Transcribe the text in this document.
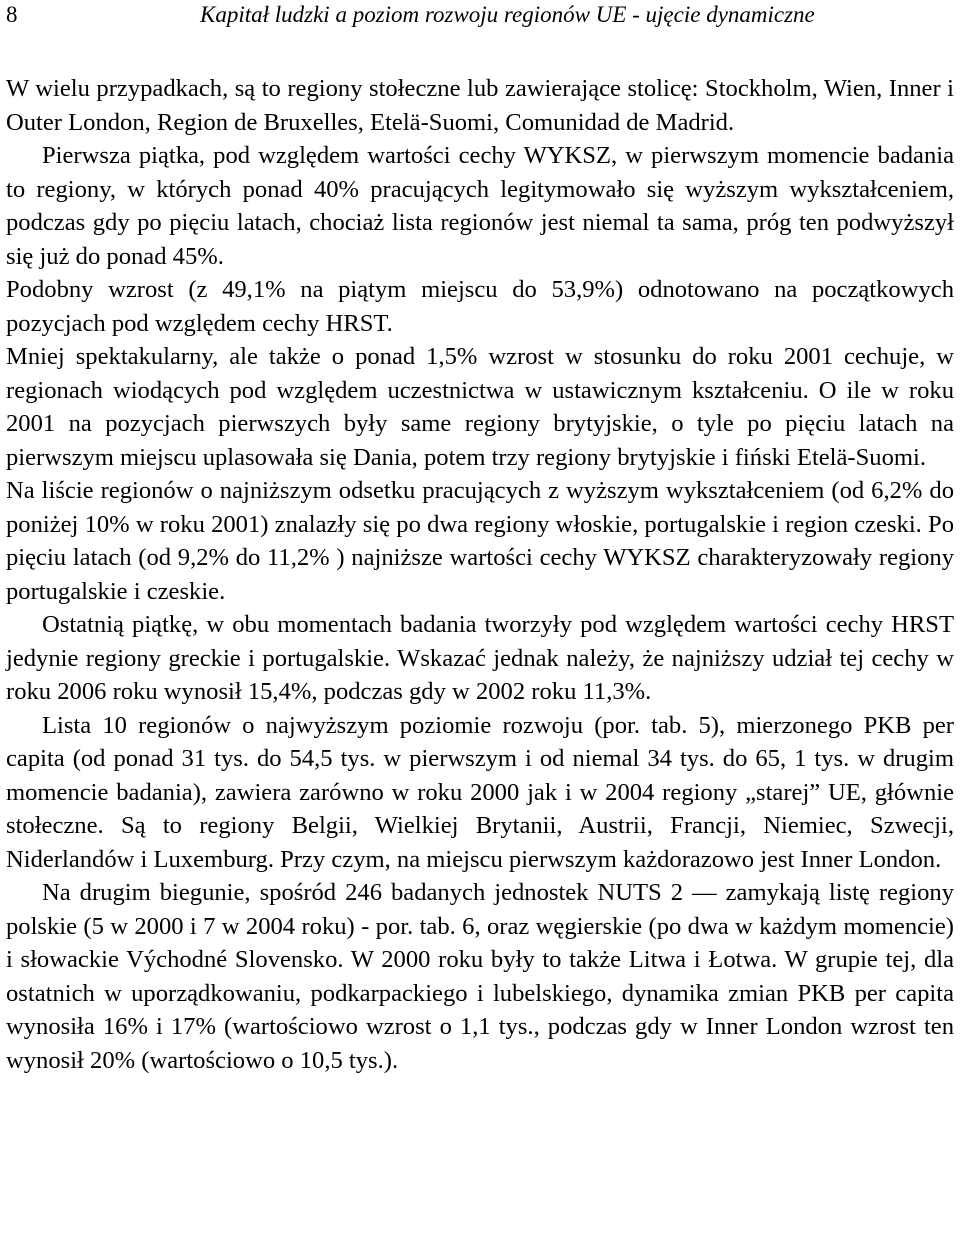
8	Kapitał ludzki a poziom rozwoju regionów UE - ujęcie dynamiczne

W wielu przypadkach, są to regiony stołeczne lub zawierające stolicę: Stockholm, Wien, Inner i Outer London, Region de Bruxelles, Etelä-Suomi, Comunidad de Madrid.

Pierwsza piątka, pod względem wartości cechy WYKSZ, w pierwszym momencie badania to regiony, w których ponad 40% pracujących legitymowało się wyższym wykształceniem, podczas gdy po pięciu latach, chociaż lista regionów jest niemal ta sama, próg ten podwyższył się już do ponad 45%.

Podobny wzrost (z 49,1% na piątym miejscu do 53,9%) odnotowano na początkowych pozycjach pod względem cechy HRST.

Mniej spektakularny, ale także o ponad 1,5% wzrost w stosunku do roku 2001 cechuje, w regionach wiodących pod względem uczestnictwa w ustawicznym kształceniu. O ile w roku 2001 na pozycjach pierwszych były same regiony brytyjskie, o tyle po pięciu latach na pierwszym miejscu uplasowała się Dania, potem trzy regiony brytyjskie i fiński Etelä-Suomi.

Na liście regionów o najniższym odsetku pracujących z wyższym wykształceniem (od 6,2% do poniżej 10% w roku 2001) znalazły się po dwa regiony włoskie, portugalskie i region czeski. Po pięciu latach (od 9,2% do 11,2% ) najniższe wartości cechy WYKSZ charakteryzowały regiony portugalskie i czeskie.

Ostatnią piątkę, w obu momentach badania tworzyły pod względem wartości cechy HRST jedynie regiony greckie i portugalskie. Wskazać jednak należy, że najniższy udział tej cechy w roku 2006 roku wynosił 15,4%, podczas gdy w 2002 roku 11,3%.

Lista 10 regionów o najwyższym poziomie rozwoju (por. tab. 5), mierzonego PKB per capita (od ponad 31 tys. do 54,5 tys. w pierwszym i od niemal 34 tys. do 65, 1 tys. w drugim momencie badania), zawiera zarówno w roku 2000 jak i w 2004 regiony „starej” UE, głównie stołeczne. Są to regiony Belgii, Wielkiej Brytanii, Austrii, Francji, Niemiec, Szwecji, Niderlandów i Luxemburg. Przy czym, na miejscu pierwszym każdorazowo jest Inner London.

Na drugim biegunie, spośród 246 badanych jednostek NUTS 2 — zamykają listę regiony polskie (5 w 2000 i 7 w 2004 roku) - por. tab. 6, oraz węgierskie (po dwa w każdym momencie) i słowackie Východné Slovensko. W 2000 roku były to także Litwa i Łotwa. W grupie tej, dla ostatnich w uporządkowaniu, podkarpackiego i lubelskiego, dynamika zmian PKB per capita wynosiła 16% i 17% (wartościowo wzrost o 1,1 tys., podczas gdy w Inner London wzrost ten wynosił 20% (wartościowo o 10,5 tys.).
